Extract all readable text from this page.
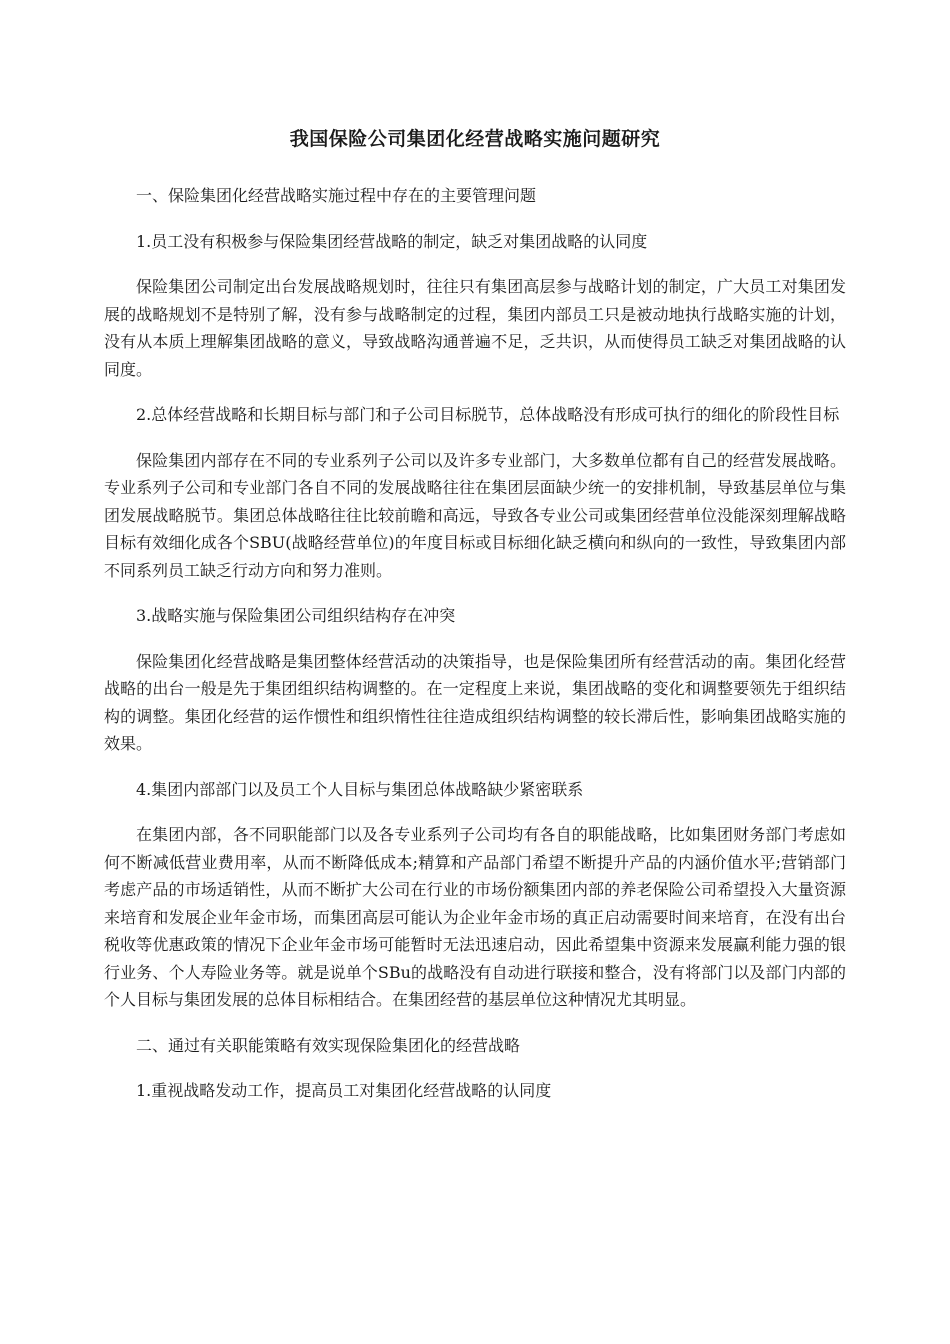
我国保险公司集团化经营战略实施问题研究

一、保险集团化经营战略实施过程中存在的主要管理问题

1.员工没有积极参与保险集团经营战略的制定，缺乏对集团战略的认同度

保险集团公司制定出台发展战略规划时，往往只有集团高层参与战略计划的制定，广大员工对集团发展的战略规划不是特别了解，没有参与战略制定的过程，集团内部员工只是被动地执行战略实施的计划，没有从本质上理解集团战略的意义，导致战略沟通普遍不足，乏共识，从而使得员工缺乏对集团战略的认同度。

2.总体经营战略和长期目标与部门和子公司目标脱节，总体战略没有形成可执行的细化的阶段性目标

保险集团内部存在不同的专业系列子公司以及许多专业部门，大多数单位都有自己的经营发展战略。专业系列子公司和专业部门各自不同的发展战略往往在集团层面缺少统一的安排机制，导致基层单位与集团发展战略脱节。集团总体战略往往比较前瞻和高远，导致各专业公司或集团经营单位没能深刻理解战略目标有效细化成各个SBU(战略经营单位)的年度目标或目标细化缺乏横向和纵向的一致性，导致集团内部不同系列员工缺乏行动方向和努力准则。

3.战略实施与保险集团公司组织结构存在冲突

保险集团化经营战略是集团整体经营活动的决策指导，也是保险集团所有经营活动的南。集团化经营战略的出台一般是先于集团组织结构调整的。在一定程度上来说，集团战略的变化和调整要领先于组织结构的调整。集团化经营的运作惯性和组织惰性往往造成组织结构调整的较长滞后性，影响集团战略实施的效果。

4.集团内部部门以及员工个人目标与集团总体战略缺少紧密联系

在集团内部，各不同职能部门以及各专业系列子公司均有各自的职能战略，比如集团财务部门考虑如何不断减低营业费用率，从而不断降低成本;精算和产品部门希望不断提升产品的内涵价值水平;营销部门考虑产品的市场适销性，从而不断扩大公司在行业的市场份额集团内部的养老保险公司希望投入大量资源来培育和发展企业年金市场，而集团高层可能认为企业年金市场的真正启动需要时间来培育，在没有出台税收等优惠政策的情况下企业年金市场可能暂时无法迅速启动，因此希望集中资源来发展赢利能力强的银行业务、个人寿险业务等。就是说单个SBu的战略没有自动进行联接和整合，没有将部门以及部门内部的个人目标与集团发展的总体目标相结合。在集团经营的基层单位这种情况尤其明显。

二、通过有关职能策略有效实现保险集团化的经营战略

1.重视战略发动工作，提高员工对集团化经营战略的认同度
